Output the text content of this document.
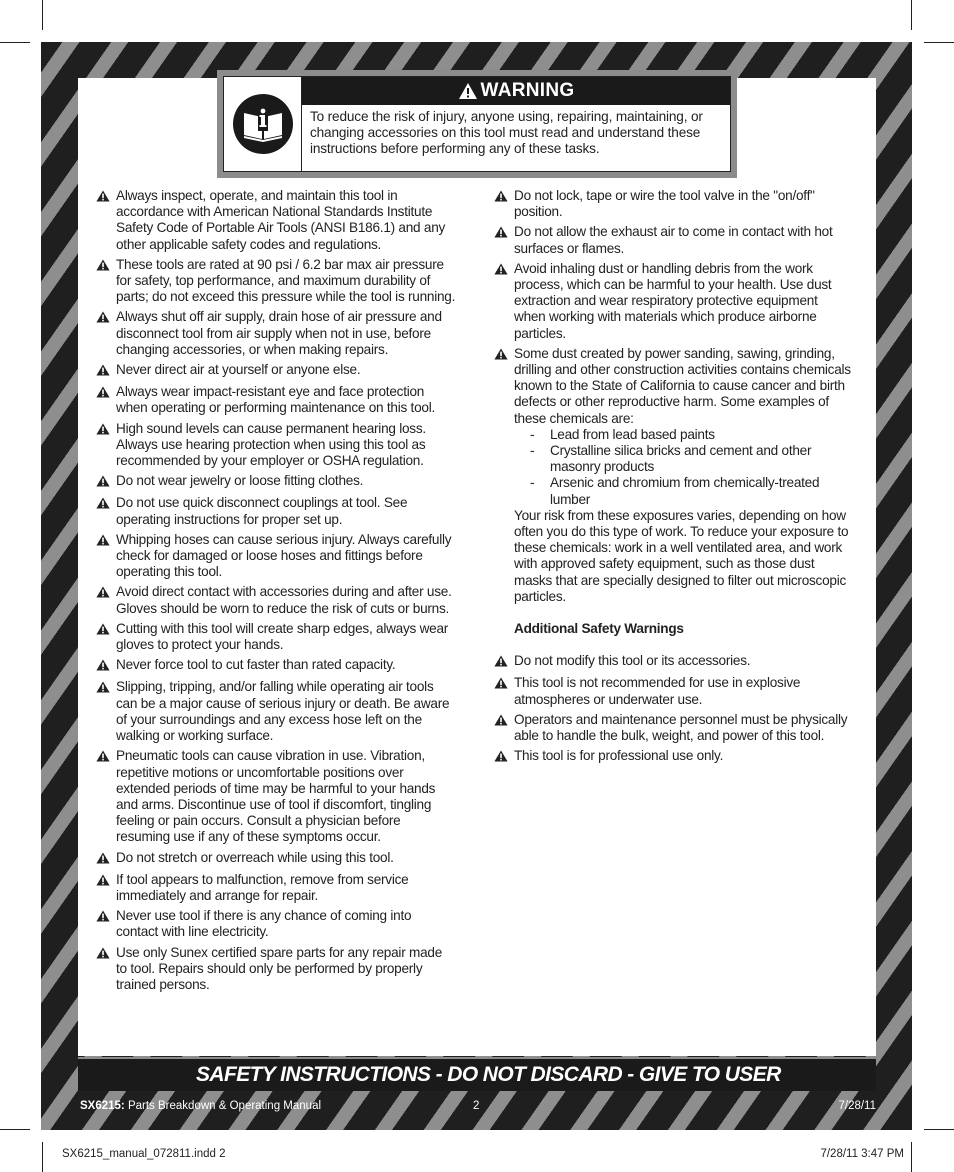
WARNING
To reduce the risk of injury, anyone using, repairing, maintaining, or changing accessories on this tool must read and understand these instructions before performing any of these tasks.
Always inspect, operate, and maintain this tool in accordance with American National Standards Institute Safety Code of Portable Air Tools (ANSI B186.1) and any other applicable safety codes and regulations.
These tools are rated at 90 psi / 6.2 bar max air pressure for safety, top performance, and maximum durability of parts; do not exceed this pressure while the tool is running.
Always shut off air supply, drain hose of air pressure and disconnect tool from air supply when not in use, before changing accessories, or when making repairs.
Never direct air at yourself or anyone else.
Always wear impact-resistant eye and face protection when operating or performing maintenance on this tool.
High sound levels can cause permanent hearing loss. Always use hearing protection when using this tool as recommended by your employer or OSHA regulation.
Do not wear jewelry or loose fitting clothes.
Do not use quick disconnect couplings at tool. See operating instructions for proper set up.
Whipping hoses can cause serious injury. Always carefully check for damaged or loose hoses and fittings before operating this tool.
Avoid direct contact with accessories during and after use. Gloves should be worn to reduce the risk of cuts or burns.
Cutting with this tool will create sharp edges, always wear gloves to protect your hands.
Never force tool to cut faster than rated capacity.
Slipping, tripping, and/or falling while operating air tools can be a major cause of serious injury or death. Be aware of your surroundings and any excess hose left on the walking or working surface.
Pneumatic tools can cause vibration in use. Vibration, repetitive motions or uncomfortable positions over extended periods of time may be harmful to your hands and arms. Discontinue use of tool if discomfort, tingling feeling or pain occurs. Consult a physician before resuming use if any of these symptoms occur.
Do not stretch or overreach while using this tool.
If tool appears to malfunction, remove from service immediately and arrange for repair.
Never use tool if there is any chance of coming into contact with line electricity.
Use only Sunex certified spare parts for any repair made to tool. Repairs should only be performed by properly trained persons.
Do not lock, tape or wire the tool valve in the "on/off" position.
Do not allow the exhaust air to come in contact with hot surfaces or flames.
Avoid inhaling dust or handling debris from the work process, which can be harmful to your health. Use dust extraction and wear respiratory protective equipment when working with materials which produce airborne particles.
Some dust created by power sanding, sawing, grinding, drilling and other construction activities contains chemicals known to the State of California to cause cancer and birth defects or other reproductive harm. Some examples of these chemicals are:
-	Lead from lead based paints
-	Crystalline silica bricks and cement and other masonry products
-	Arsenic and chromium from chemically-treated lumber
Your risk from these exposures varies, depending on how often you do this type of work. To reduce your exposure to these chemicals: work in a well ventilated area, and work with approved safety equipment, such as those dust masks that are specially designed to filter out microscopic particles.
Additional Safety Warnings
Do not modify this tool or its accessories.
This tool is not recommended for use in explosive atmospheres or underwater use.
Operators and maintenance personnel must be physically able to handle the bulk, weight, and power of this tool.
This tool is for professional use only.
SAFETY INSTRUCTIONS - DO NOT DISCARD - GIVE TO USER
SX6215: Parts Breakdown & Operating Manual	2	7/28/11
SX6215_manual_072811.indd 2	7/28/11 3:47 PM
